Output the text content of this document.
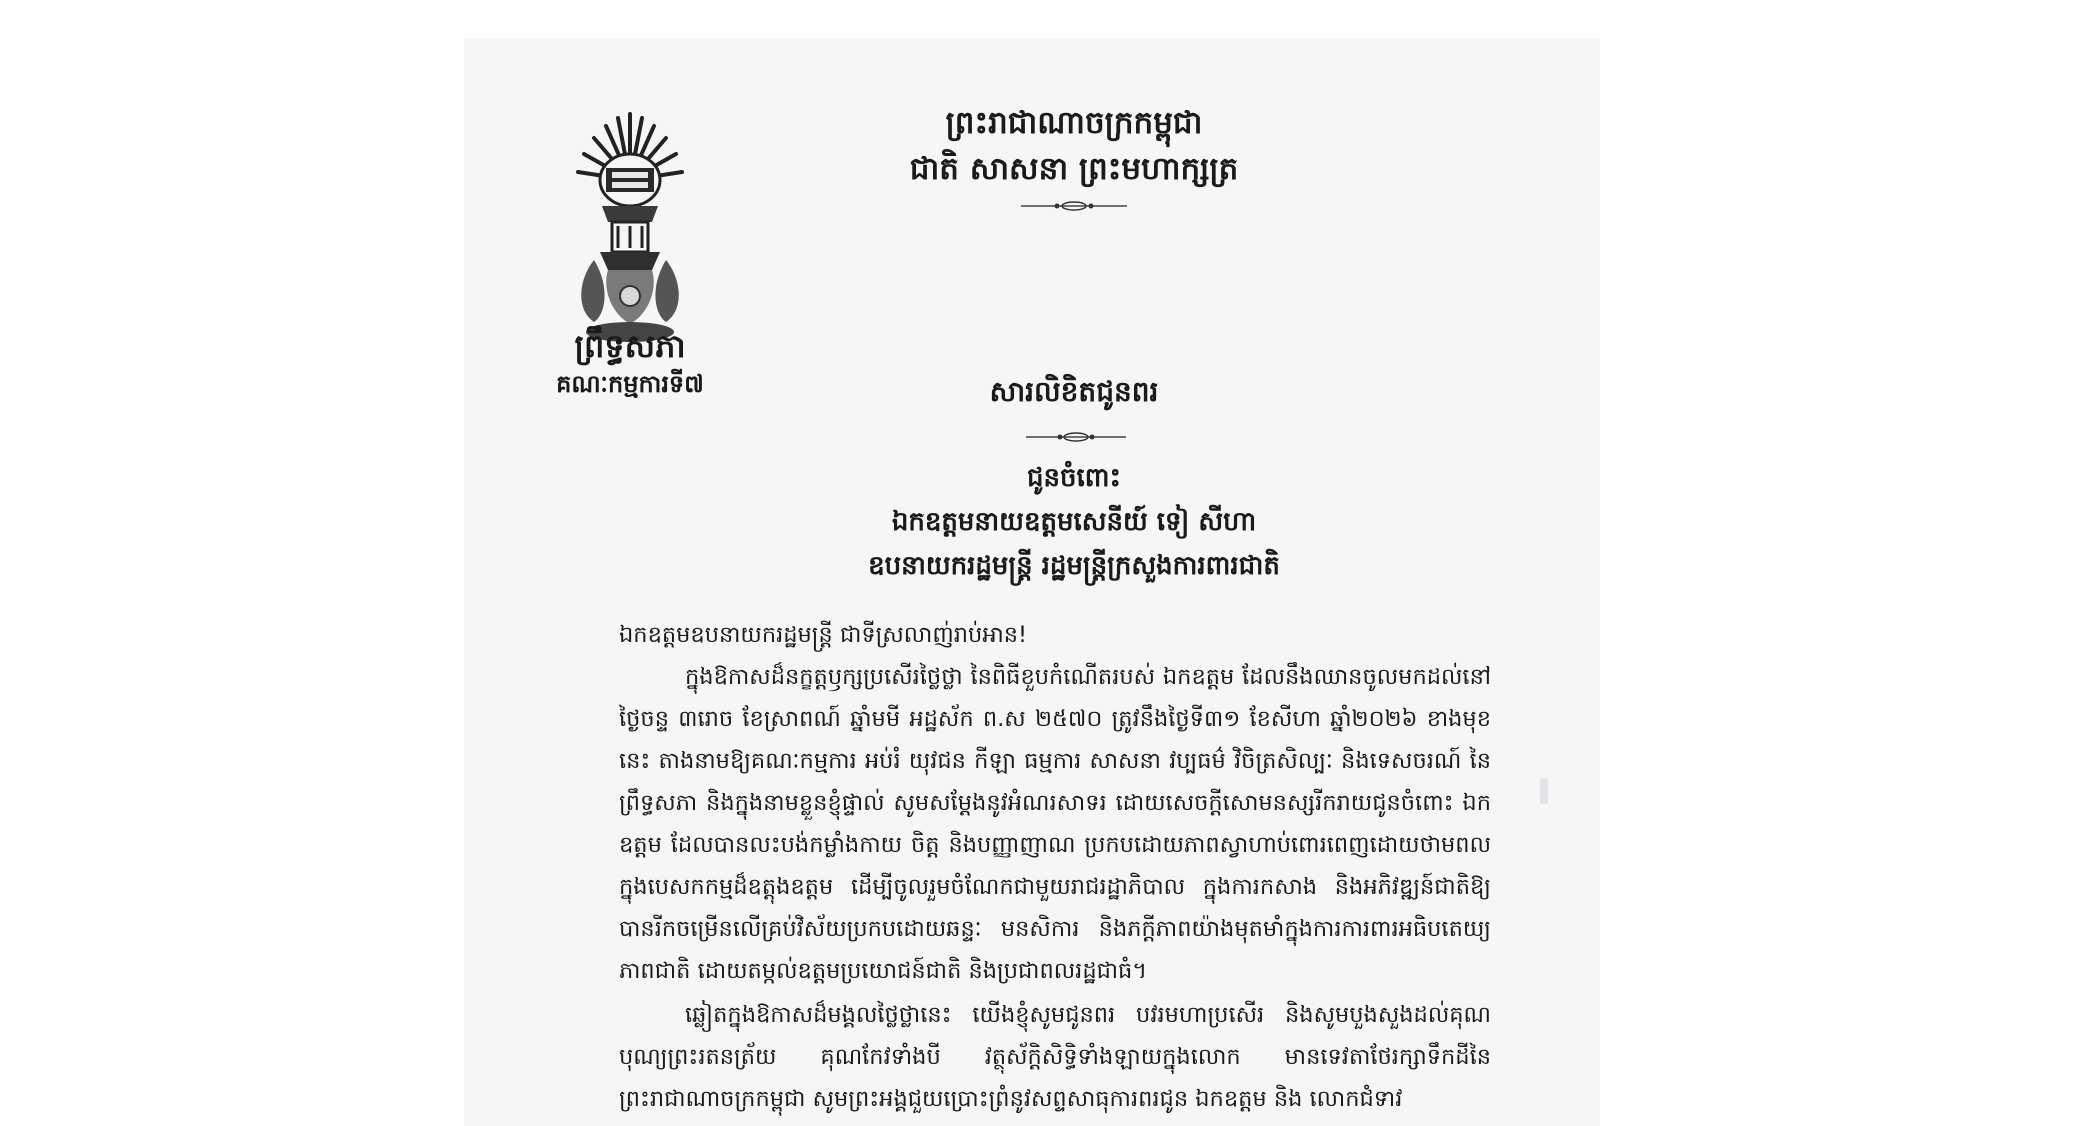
ព្រឹទ្ធសភា
គណៈកម្មការទី៧
ព្រះរាជាណាចក្រកម្ពុជា
ជាតិ សាសនា ព្រះមហាក្សត្រ
សារលិខិតជូនពរ
ជូនចំពោះ
ឯកឧត្តមនាយឧត្តមសេនីយ៍ ទៀ សីហា
ឧបនាយករដ្ឋមន្ត្រី រដ្ឋមន្ត្រីក្រសួងការពារជាតិ

ឯកឧត្តមឧបនាយករដ្ឋមន្ត្រី ជាទីស្រលាញ់រាប់អាន!

ក្នុងឱកាសដ៏នក្ខត្តឫក្សប្រសើរថ្លៃថ្លា នៃពិធីខួបកំណើតរបស់ ឯកឧត្តម ដែលនឹងឈានចូលមកដល់នៅថ្ងៃចន្ទ ៣រោច ខែស្រាពណ៍ ឆ្នាំមមី អដ្ឋស័ក ព.ស ២៥៧០ ត្រូវនឹងថ្ងៃទី៣១ ខែសីហា ឆ្នាំ២០២៦ ខាងមុខនេះ តាងនាមឱ្យគណៈកម្មការ អប់រំ យុវជន កីឡា ធម្មការ សាសនា វប្បធម៌ វិចិត្រសិល្បៈ និងទេសចរណ៍ នៃព្រឹទ្ធសភា និងក្នុងនាមខ្លួនខ្ញុំផ្ទាល់ សូមសម្ដែងនូវអំណរសាទរ ដោយសេចក្តីសោមនស្សរីករាយជូនចំពោះ ឯកឧត្តម ដែលបានលះបង់កម្លាំងកាយ ចិត្ត និងបញ្ញាញាណ ប្រកបដោយភាពស្វាហាប់ពោរពេញដោយថាមពលក្នុងបេសកកម្មដ៏ឧត្តុងឧត្តម ដើម្បីចូលរួមចំណែកជាមួយរាជរដ្ឋាភិបាល ក្នុងការកសាង និងអភិវឌ្ឍន៍ជាតិឱ្យបានរីកចម្រើនលើគ្រប់វិស័យប្រកបដោយឆន្ទៈ មនសិការ និងភក្តីភាពយ៉ាងមុតមាំក្នុងការការពារអធិបតេយ្យភាពជាតិ ដោយតម្កល់ឧត្តមប្រយោជន៍ជាតិ និងប្រជាពលរដ្ឋជាធំ។

ឆ្លៀតក្នុងឱកាសដ៏មង្គលថ្លៃថ្លានេះ យើងខ្ញុំសូមជូនពរ បវរមហាប្រសើរ និងសូមបួងសួងដល់គុណបុណ្យព្រះរតនត្រ័យ គុណកែវទាំងបី វត្ថុស័ក្តិសិទ្ធិទាំងឡាយក្នុងលោក មានទេវតាថែរក្សាទឹកដីនៃព្រះរាជាណាចក្រកម្ពុជា សូមព្រះអង្គជួយប្រោះព្រំនូវសព្ទសាធុការពរជូន ឯកឧត្តម និង លោកជំទាវ
